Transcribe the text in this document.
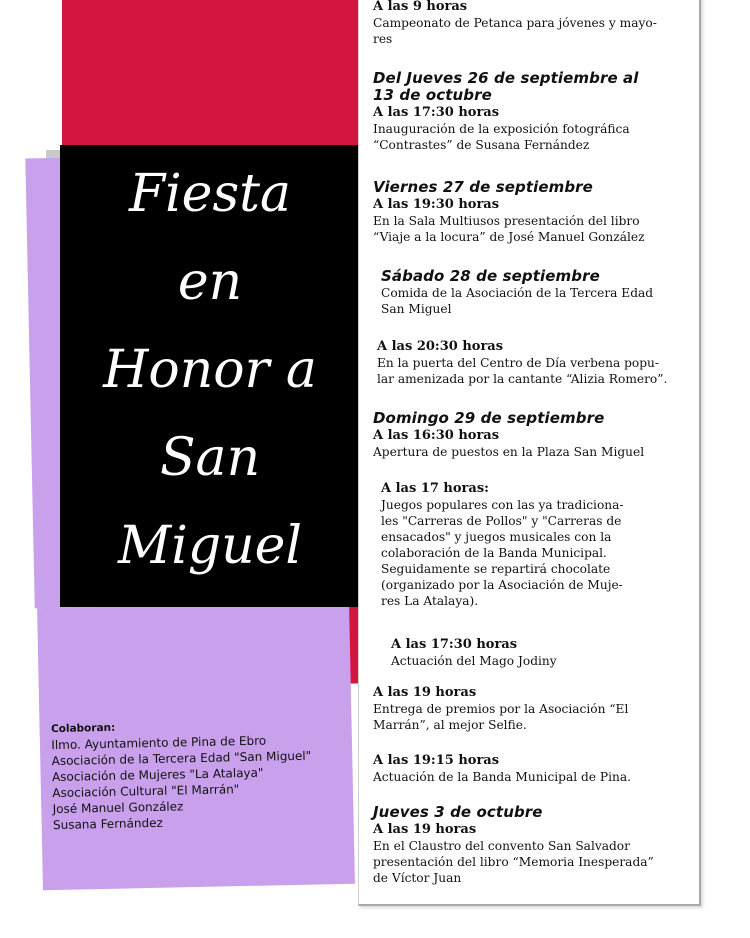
Fiesta
en
Honor a
San
Miguel
Colaboran:
Ilmo. Ayuntamiento de Pina de Ebro
Asociación de la Tercera Edad "San Miguel"
Asociación de Mujeres "La Atalaya"
Asociación Cultural "El Marrán"
José Manuel González
Susana Fernández
A las 9 horas
Campeonato de Petanca para jóvenes y mayo-
res
Del Jueves 26 de septiembre al
13 de octubre
A las 17:30 horas
Inauguración de la exposición fotográfica
“Contrastes” de Susana Fernández
Viernes 27 de septiembre
A las 19:30 horas
En la Sala Multiusos presentación del libro
“Viaje a la locura” de José Manuel González
Sábado 28 de septiembre
Comida de la Asociación de la Tercera Edad
San Miguel
A las 20:30 horas
En la puerta del Centro de Día verbena popu-
lar amenizada por la cantante “Alizia Romero”.
Domingo 29 de septiembre
A las 16:30 horas
Apertura de puestos en la Plaza San Miguel
A las 17 horas:
Juegos populares con las ya tradiciona-
les "Carreras de Pollos" y "Carreras de
ensacados" y juegos musicales con la
colaboración de la Banda Municipal.
Seguidamente se repartirá chocolate
(organizado por la Asociación de Muje-
res La Atalaya).
A las 17:30 horas
Actuación del Mago Jodiny
A las 19 horas
Entrega de premios por la Asociación “El
Marrán”, al mejor Selfie.
A las 19:15 horas
Actuación de la Banda Municipal de Pina.
Jueves 3 de octubre
A las 19 horas
En el Claustro del convento San Salvador
presentación del libro “Memoria Inesperada”
de Víctor Juan
